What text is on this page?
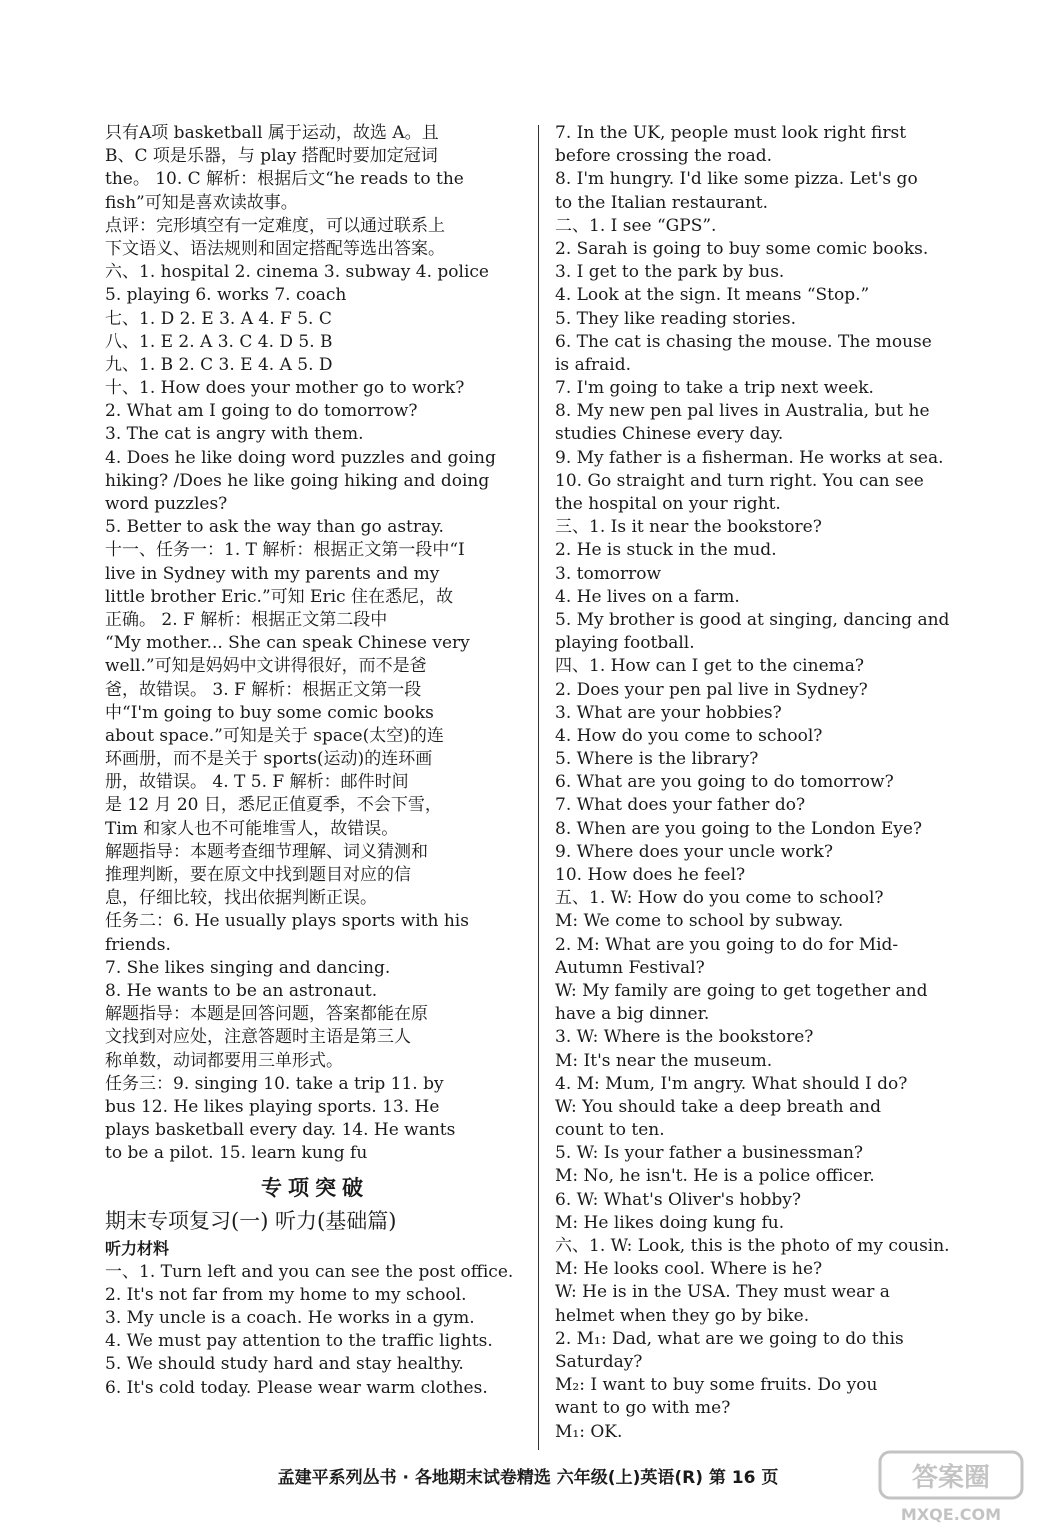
只有A项 basketball 属于运动，故选 A。且
B、C 项是乐器，与 play 搭配时要加定冠词
the。 10. C 解析：根据后文“he reads to the
fish”可知是喜欢读故事。
点评：完形填空有一定难度，可以通过联系上
下文语义、语法规则和固定搭配等选出答案。
六、1. hospital 2. cinema 3. subway 4. police
5. playing 6. works 7. coach
七、1. D 2. E 3. A 4. F 5. C
八、1. E 2. A 3. C 4. D 5. B
九、1. B 2. C 3. E 4. A 5. D
十、1. How does your mother go to work?
2. What am I going to do tomorrow?
3. The cat is angry with them.
4. Does he like doing word puzzles and going
hiking? /Does he like going hiking and doing
word puzzles?
5. Better to ask the way than go astray.
十一、任务一：1. T 解析：根据正文第一段中“I
live in Sydney with my parents and my
little brother Eric.”可知 Eric 住在悉尼，故
正确。 2. F 解析：根据正文第二段中
“My mother... She can speak Chinese very
well.”可知是妈妈中文讲得很好，而不是爸
爸，故错误。 3. F 解析：根据正文第一段
中“I'm going to buy some comic books
about space.”可知是关于 space(太空)的连
环画册，而不是关于 sports(运动)的连环画
册，故错误。 4. T 5. F 解析：邮件时间
是 12 月 20 日，悉尼正值夏季，不会下雪，
Tim 和家人也不可能堆雪人，故错误。
解题指导：本题考查细节理解、词义猜测和
推理判断，要在原文中找到题目对应的信
息，仔细比较，找出依据判断正误。
任务二：6. He usually plays sports with his
friends.
7. She likes singing and dancing.
8. He wants to be an astronaut.
解题指导：本题是回答问题，答案都能在原
文找到对应处，注意答题时主语是第三人
称单数，动词都要用三单形式。
任务三：9. singing 10. take a trip 11. by
bus 12. He likes playing sports. 13. He
plays basketball every day. 14. He wants
to be a pilot. 15. learn kung fu
专项突破
期末专项复习(一) 听力(基础篇)
听力材料
一、1. Turn left and you can see the post office.
2. It's not far from my home to my school.
3. My uncle is a coach. He works in a gym.
4. We must pay attention to the traffic lights.
5. We should study hard and stay healthy.
6. It's cold today. Please wear warm clothes.
7. In the UK, people must look right first
before crossing the road.
8. I'm hungry. I'd like some pizza. Let's go
to the Italian restaurant.
二、1. I see “GPS”.
2. Sarah is going to buy some comic books.
3. I get to the park by bus.
4. Look at the sign. It means “Stop.”
5. They like reading stories.
6. The cat is chasing the mouse. The mouse
is afraid.
7. I'm going to take a trip next week.
8. My new pen pal lives in Australia, but he
studies Chinese every day.
9. My father is a fisherman. He works at sea.
10. Go straight and turn right. You can see
the hospital on your right.
三、1. Is it near the bookstore?
2. He is stuck in the mud.
3. tomorrow
4. He lives on a farm.
5. My brother is good at singing, dancing and
playing football.
四、1. How can I get to the cinema?
2. Does your pen pal live in Sydney?
3. What are your hobbies?
4. How do you come to school?
5. Where is the library?
6. What are you going to do tomorrow?
7. What does your father do?
8. When are you going to the London Eye?
9. Where does your uncle work?
10. How does he feel?
五、1. W: How do you come to school?
M: We come to school by subway.
2. M: What are you going to do for Mid-
Autumn Festival?
W: My family are going to get together and
have a big dinner.
3. W: Where is the bookstore?
M: It's near the museum.
4. M: Mum, I'm angry. What should I do?
W: You should take a deep breath and
count to ten.
5. W: Is your father a businessman?
M: No, he isn't. He is a police officer.
6. W: What's Oliver's hobby?
M: He likes doing kung fu.
六、1. W: Look, this is the photo of my cousin.
M: He looks cool. Where is he?
W: He is in the USA. They must wear a
helmet when they go by bike.
2. M₁: Dad, what are we going to do this
Saturday?
M₂: I want to buy some fruits. Do you
want to go with me?
M₁: OK.
孟建平系列丛书 · 各地期末试卷精选 六年级(上)英语(R) 第 16 页	答案圈
MXQE.COM
